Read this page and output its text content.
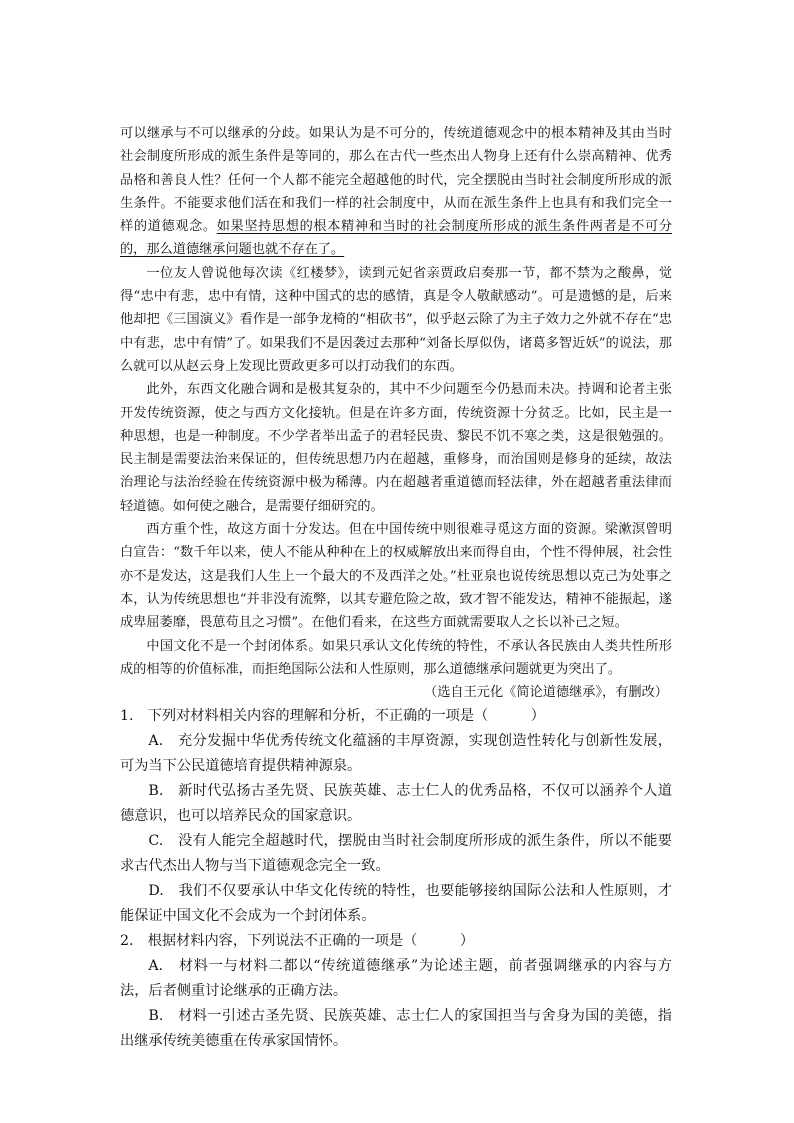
可以继承与不可以继承的分歧。如果认为是不可分的，传统道德观念中的根本精神及其由当时社会制度所形成的派生条件是等同的，那么在古代一些杰出人物身上还有什么崇高精神、优秀品格和善良人性？任何一个人都不能完全超越他的时代，完全摆脱由当时社会制度所形成的派生条件。不能要求他们活在和我们一样的社会制度中，从而在派生条件上也具有和我们完全一样的道德观念。如果坚持思想的根本精神和当时的社会制度所形成的派生条件两者是不可分的，那么道德继承问题也就不存在了。

一位友人曾说他每次读《红楼梦》，读到元妃省亲贾政启奏那一节，都不禁为之酸鼻，觉得“忠中有悲，忠中有情，这种中国式的忠的感情，真是令人敬献感动”。可是遗憾的是，后来他却把《三国演义》看作是一部争龙椅的“相砍书”，似乎赵云除了为主子效力之外就不存在“忠中有悲，忠中有情”了。如果我们不是因袭过去那种“刘备长厚似伪，诸葛多智近妖”的说法，那么就可以从赵云身上发现比贾政更多可以打动我们的东西。

此外，东西文化融合调和是极其复杂的，其中不少问题至今仍悬而未决。持调和论者主张开发传统资源，使之与西方文化接轨。但是在许多方面，传统资源十分贫乏。比如，民主是一种思想，也是一种制度。不少学者举出孟子的君轻民贵、黎民不饥不寒之类，这是很勉强的。民主制是需要法治来保证的，但传统思想乃内在超越，重修身，而治国则是修身的延续，故法治理论与法治经验在传统资源中极为稀薄。内在超越者重道德而轻法律，外在超越者重法律而轻道德。如何使之融合，是需要仔细研究的。

西方重个性，故这方面十分发达。但在中国传统中则很难寻觅这方面的资源。梁漱溟曾明白宣告：“数千年以来，使人不能从种种在上的权威解放出来而得自由，个性不得伸展，社会性亦不是发达，这是我们人生上一个最大的不及西洋之处。”杜亚泉也说传统思想以克己为处事之本，认为传统思想也“并非没有流弊，以其专避危险之故，致才智不能发达，精神不能振起，遂成卑屈萎靡，畏葸苟且之习惯”。在他们看来，在这些方面就需要取人之长以补己之短。

中国文化不是一个封闭体系。如果只承认文化传统的特性，不承认各民族由人类共性所形成的相等的价值标准，而拒绝国际公法和人性原则，那么道德继承问题就更为突出了。

（选自王元化《简论道德继承》，有删改）

1.　下列对材料相关内容的理解和分析，不正确的一项是（　　　）

A.　充分发掘中华优秀传统文化蕴涵的丰厚资源，实现创造性转化与创新性发展，可为当下公民道德培育提供精神源泉。

B.　新时代弘扬古圣先贤、民族英雄、志士仁人的优秀品格，不仅可以涵养个人道德意识，也可以培养民众的国家意识。

C.　没有人能完全超越时代，摆脱由当时社会制度所形成的派生条件，所以不能要求古代杰出人物与当下道德观念完全一致。

D.　我们不仅要承认中华文化传统的特性，也要能够接纳国际公法和人性原则，才能保证中国文化不会成为一个封闭体系。

2.　根据材料内容，下列说法不正确的一项是（　　　）

A.　材料一与材料二都以“传统道德继承”为论述主题，前者强调继承的内容与方法，后者侧重讨论继承的正确方法。

B.　材料一引述古圣先贤、民族英雄、志士仁人的家国担当与舍身为国的美德，指出继承传统美德重在传承家国情怀。
